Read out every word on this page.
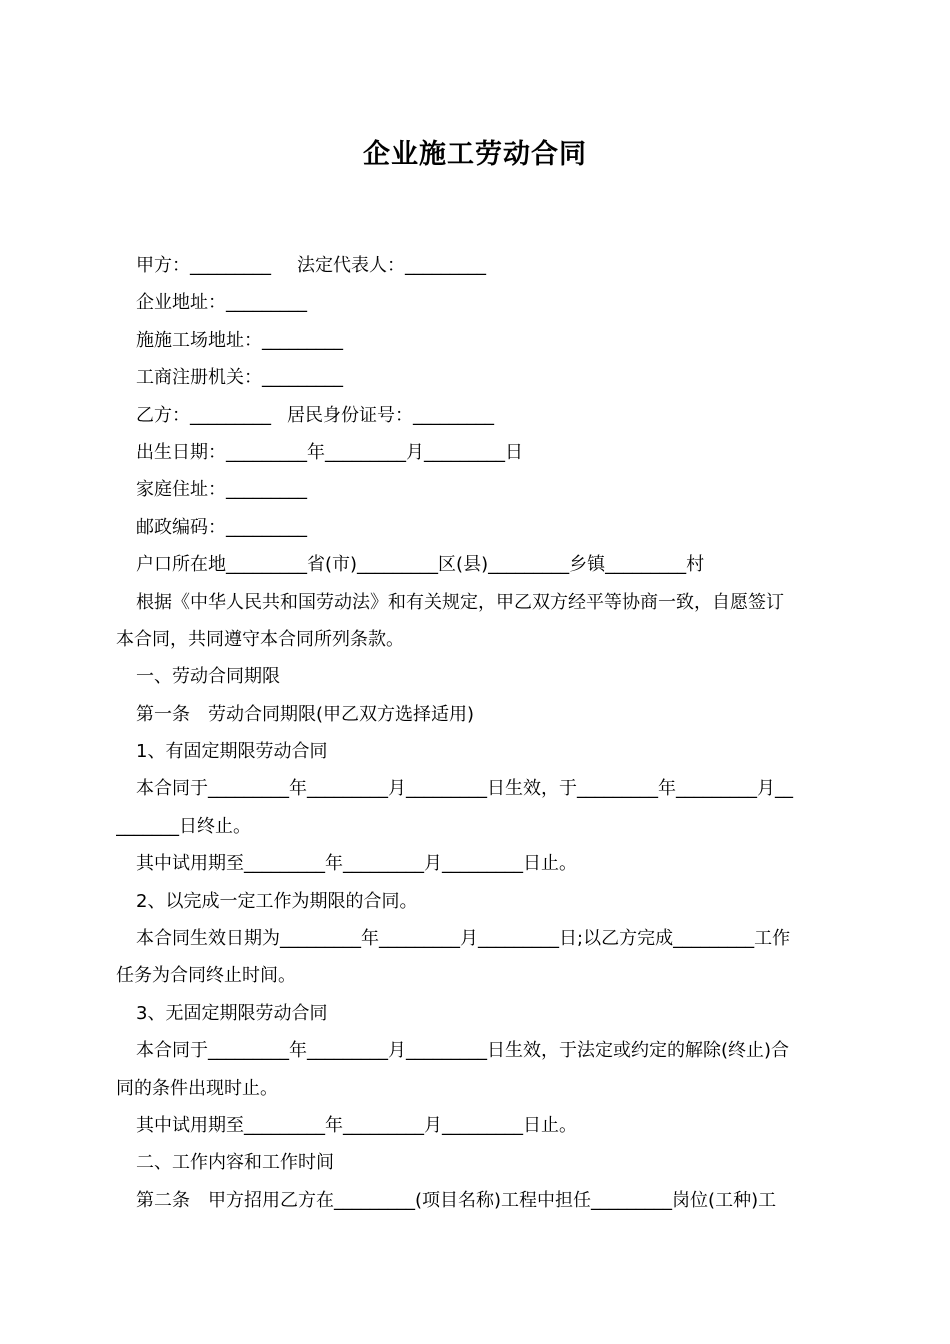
企业施工劳动合同
甲方：_________ 法定代表人：_________
企业地址：_________
施施工场地址：_________
工商注册机关：_________
乙方：_________ 居民身份证号：_________
出生日期：_________年_________月_________日
家庭住址：_________
邮政编码：_________
户口所在地_________省(市)_________区(县)_________乡镇_________村
根据《中华人民共和国劳动法》和有关规定，甲乙双方经平等协商一致，自愿签订
本合同，共同遵守本合同所列条款。
一、劳动合同期限
第一条　劳动合同期限(甲乙双方选择适用)
1、有固定期限劳动合同
本合同于_________年_________月_________日生效，于_________年_________月__
_______日终止。
其中试用期至_________年_________月_________日止。
2、以完成一定工作为期限的合同。
本合同生效日期为_________年_________月_________日;以乙方完成_________工作
任务为合同终止时间。
3、无固定期限劳动合同
本合同于_________年_________月_________日生效，于法定或约定的解除(终止)合
同的条件出现时止。
其中试用期至_________年_________月_________日止。
二、工作内容和工作时间
第二条　甲方招用乙方在_________(项目名称)工程中担任_________岗位(工种)工
